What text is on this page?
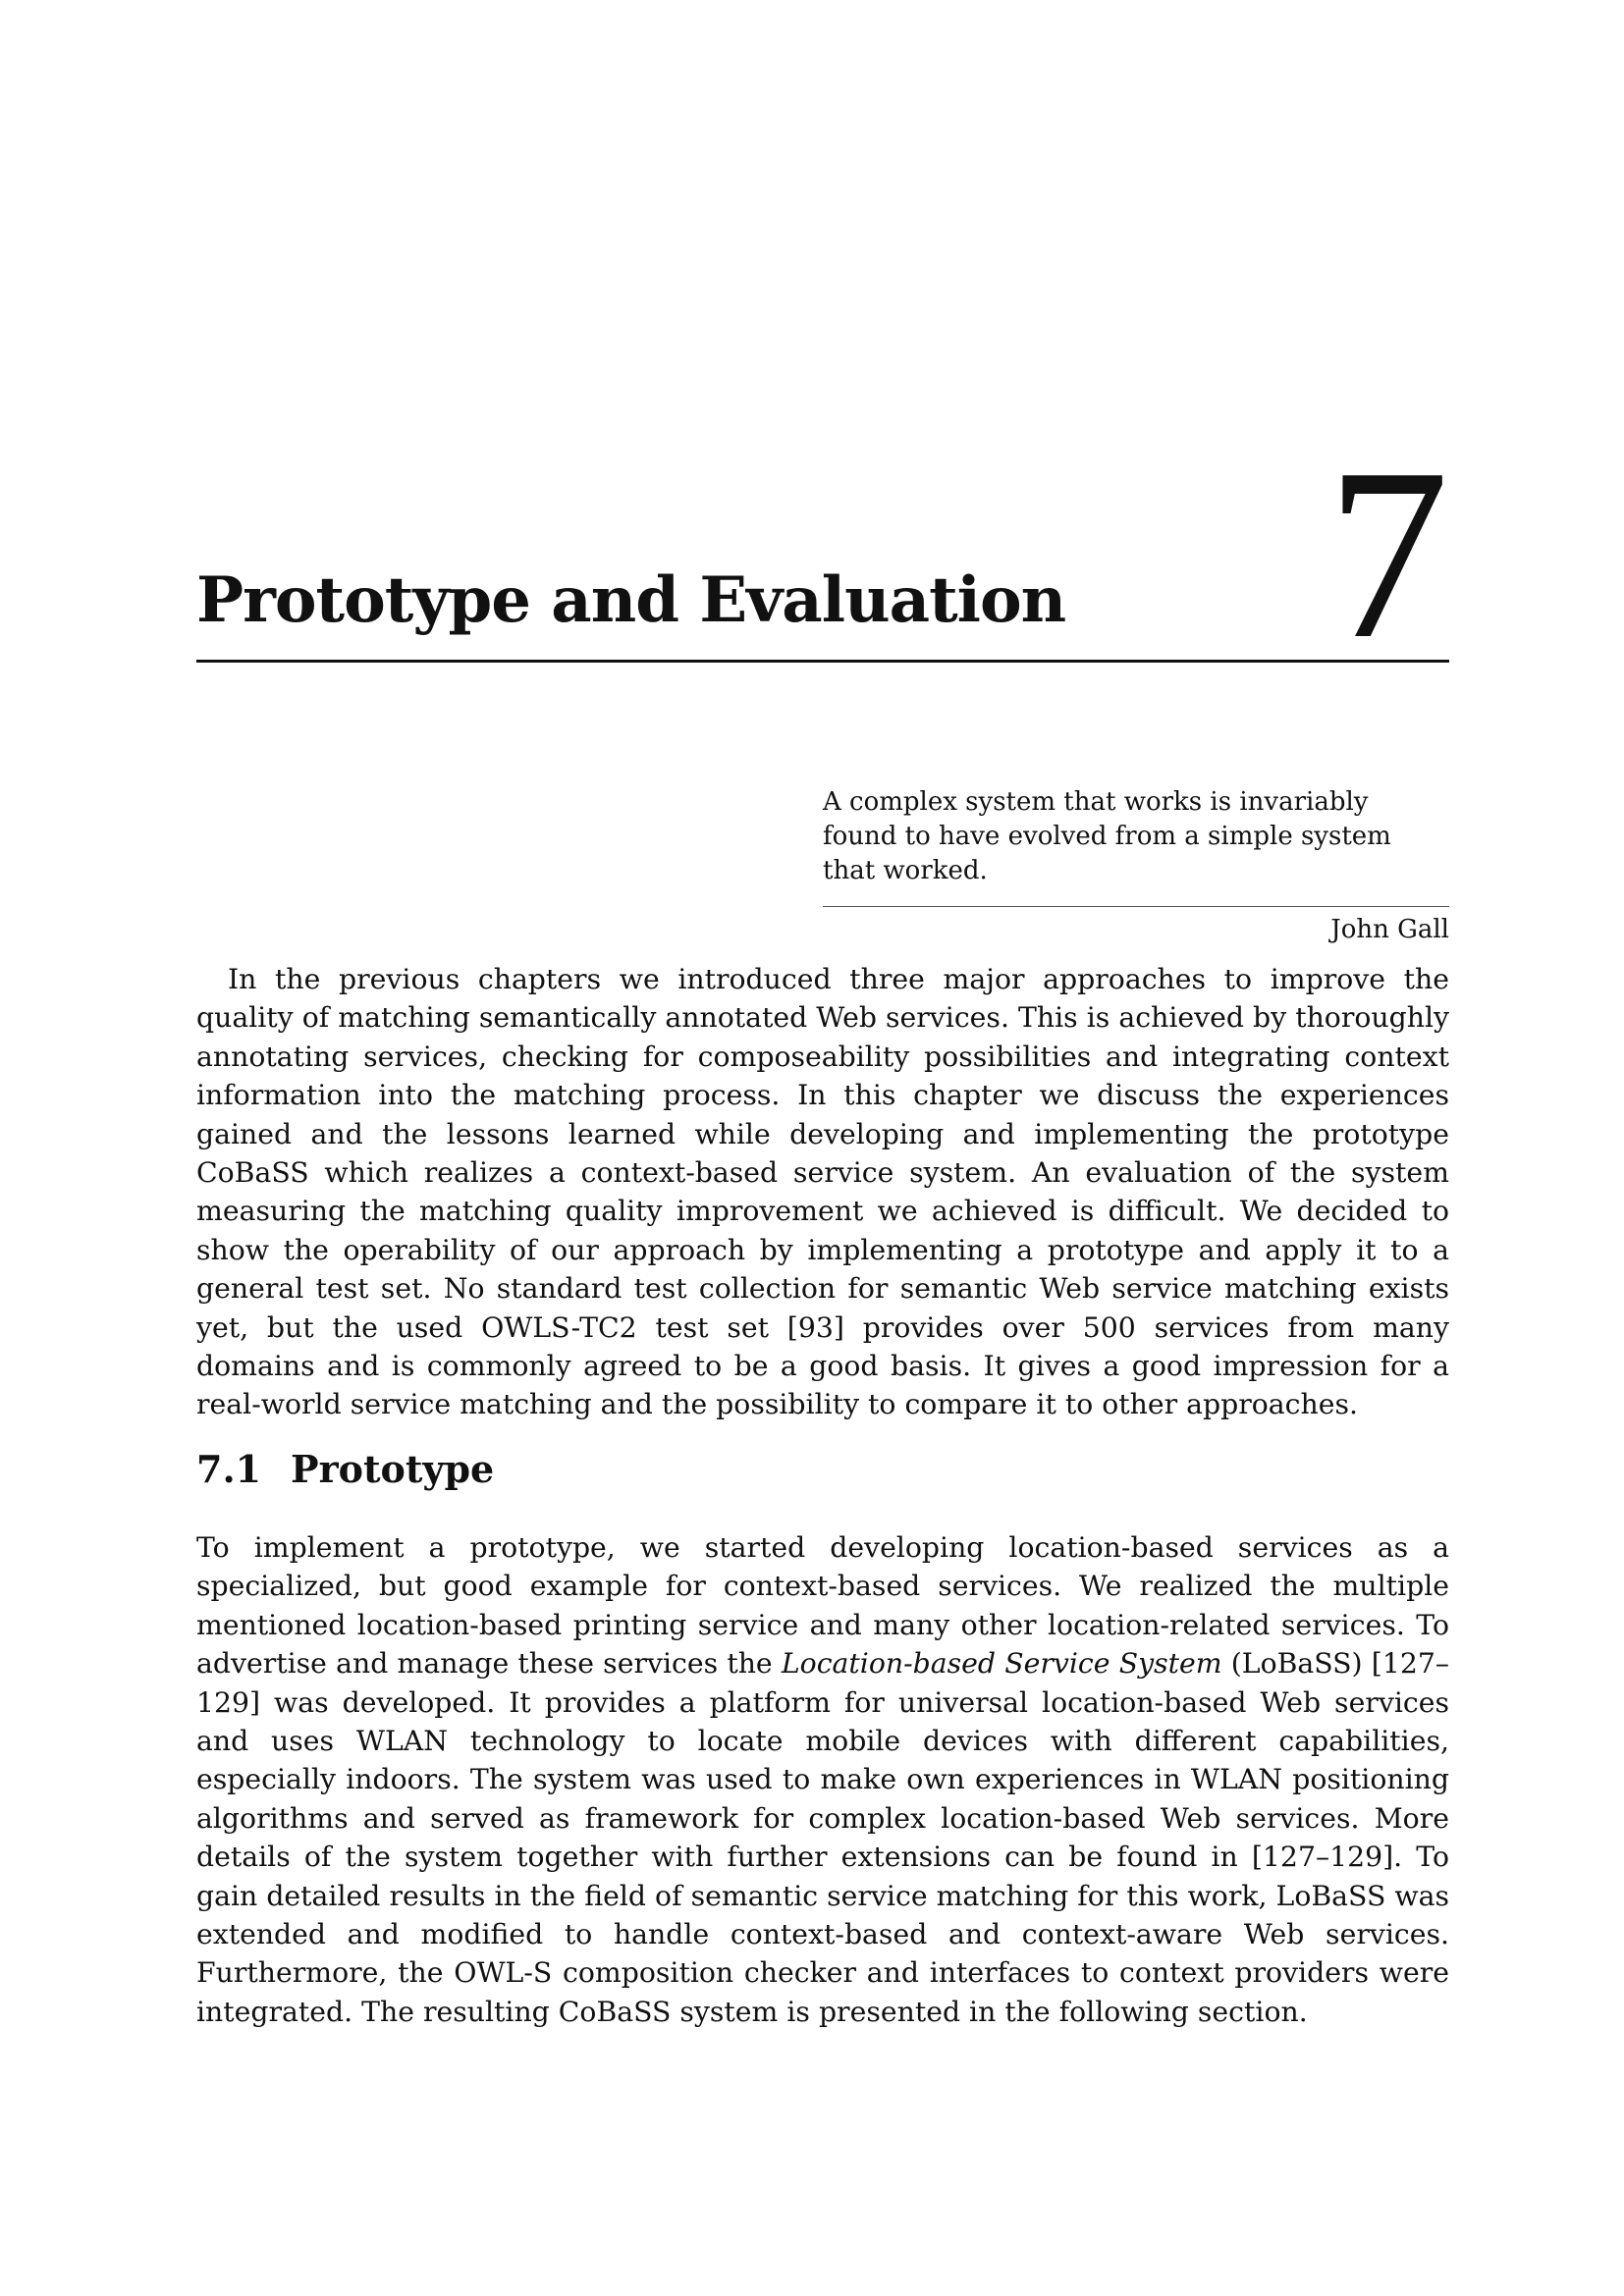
7
Prototype and Evaluation
A complex system that works is invariably found to have evolved from a simple system that worked.
John Gall

In the previous chapters we introduced three major approaches to improve the quality of matching semantically annotated Web services. This is achieved by thoroughly annotating services, checking for composeability possibilities and integrating context information into the matching process. In this chapter we discuss the experiences gained and the lessons learned while developing and implementing the prototype CoBaSS which realizes a context-based service system. An evaluation of the system measuring the matching quality improvement we achieved is difficult. We decided to show the operability of our approach by implementing a prototype and apply it to a general test set. No standard test collection for semantic Web service matching exists yet, but the used OWLS-TC2 test set [93] provides over 500 services from many domains and is commonly agreed to be a good basis. It gives a good impression for a real-world service matching and the possibility to compare it to other approaches.

7.1 Prototype

To implement a prototype, we started developing location-based services as a specialized, but good example for context-based services. We realized the multiple mentioned location-based printing service and many other location-related services. To advertise and manage these services the Location-based Service System (LoBaSS) [127–129] was developed. It provides a platform for universal location-based Web services and uses WLAN technology to locate mobile devices with different capabilities, especially indoors. The system was used to make own experiences in WLAN positioning algorithms and served as framework for complex location-based Web services. More details of the system together with further extensions can be found in [127–129]. To gain detailed results in the field of semantic service matching for this work, LoBaSS was extended and modified to handle context-based and context-aware Web services. Furthermore, the OWL-S composition checker and interfaces to context providers were integrated. The resulting CoBaSS system is presented in the following section.
